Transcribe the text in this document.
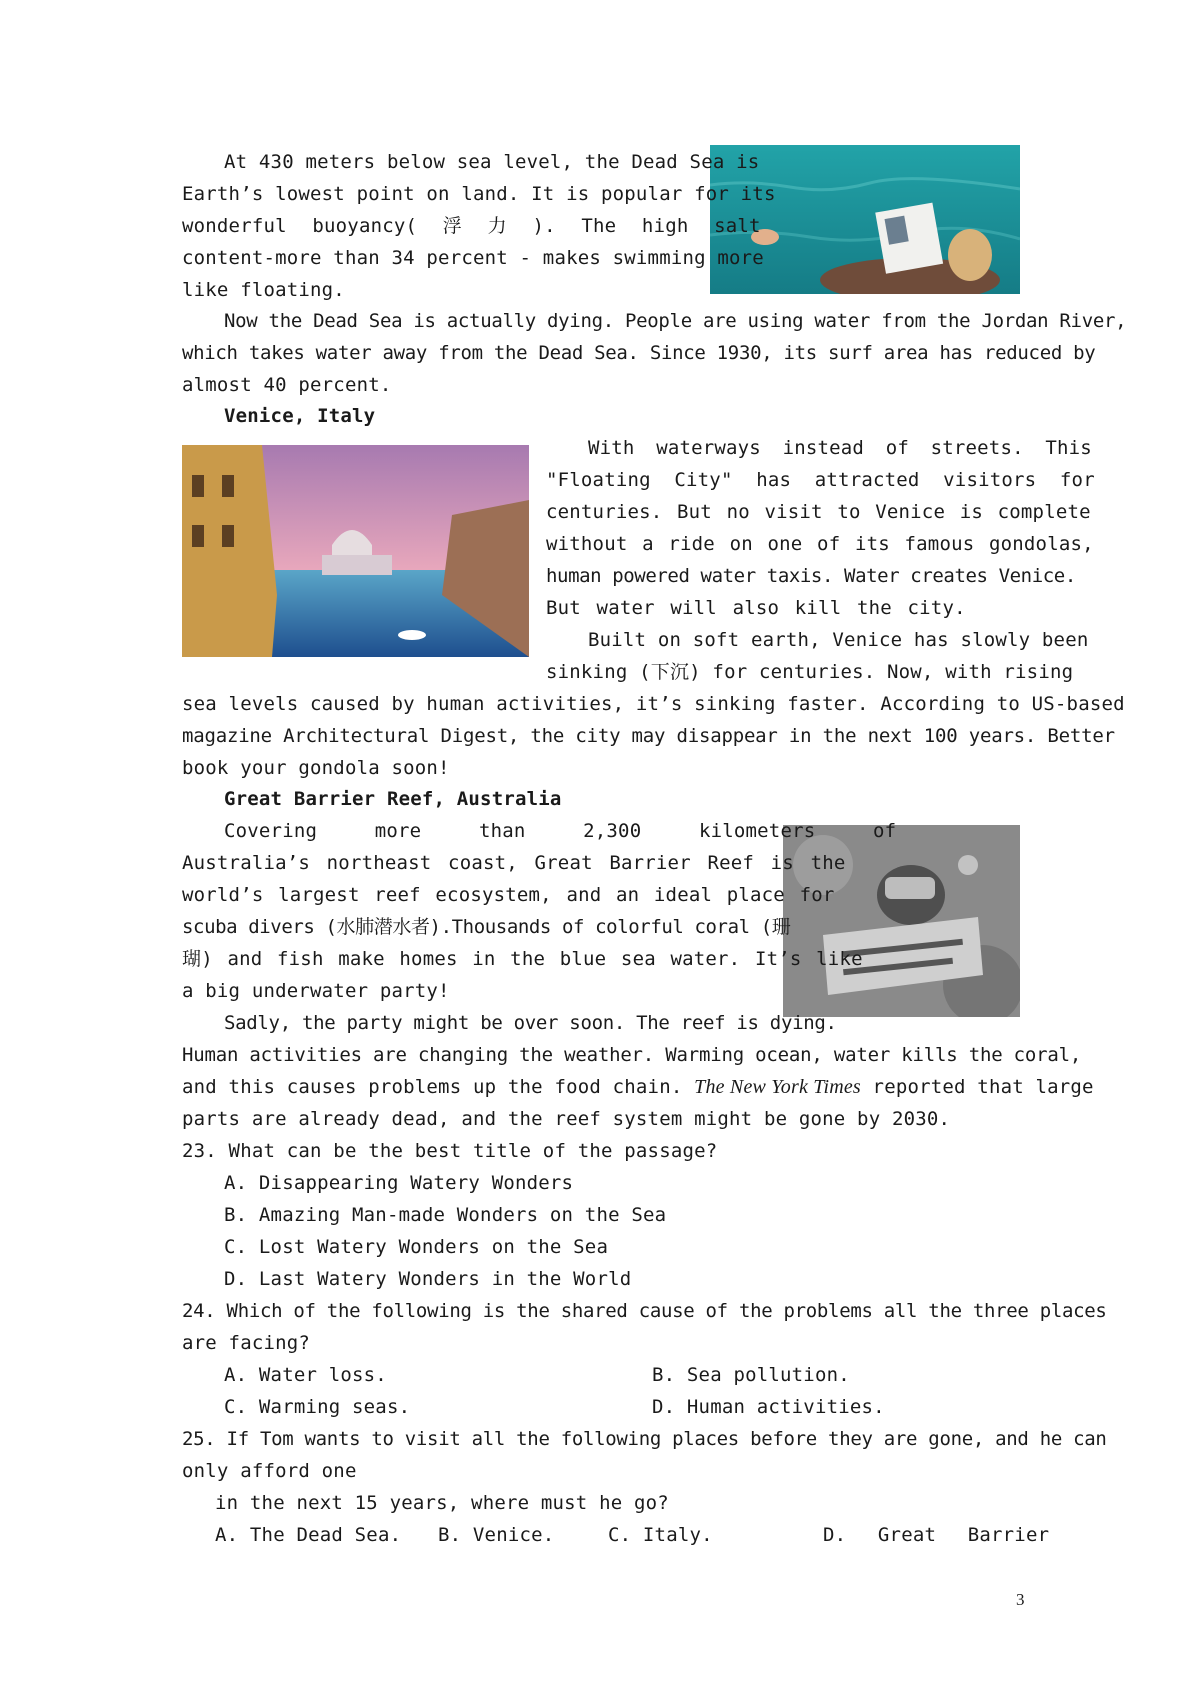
At 430 meters below sea level, the Dead Sea is
Earth’s lowest point on land. It is popular for its
wonderful buoyancy( 浮 力 ). The high salt
content-more than 34 percent - makes swimming more
like floating.
Now the Dead Sea is actually dying. People are using water from the Jordan River,
which takes water away from the Dead Sea. Since 1930, its surf area has reduced by
almost 40 percent.
Venice, Italy
With waterways instead of streets. This
"Floating City" has attracted visitors for
centuries. But no visit to Venice is complete
without a ride on one of its famous gondolas,
human powered water taxis. Water creates Venice.
But water will also kill the city.
Built on soft earth, Venice has slowly been
sinking (下沉) for centuries. Now, with rising
sea levels caused by human activities, it’s sinking faster. According to US-based
magazine Architectural Digest, the city may disappear in the next 100 years. Better
book your gondola soon!
Great Barrier Reef, Australia
Covering more than 2,300 kilometers of
Australia’s northeast coast, Great Barrier Reef is the
world’s largest reef ecosystem, and an ideal place for
scuba divers (水肺潜水者).Thousands of colorful coral (珊
瑚) and fish make homes in the blue sea water. It’s like
a big underwater party!
Sadly, the party might be over soon. The reef is dying.
Human activities are changing the weather. Warming ocean, water kills the coral,
and this causes problems up the food chain. The New York Times reported that large
parts are already dead, and the reef system might be gone by 2030.
23. What can be the best title of the passage?
A. Disappearing Watery Wonders
B. Amazing Man-made Wonders on the Sea
C. Lost Watery Wonders on the Sea
D. Last Watery Wonders in the World
24. Which of the following is the shared cause of the problems all the three places
are facing?
A. Water loss.	B. Sea pollution.
C. Warming seas.	D. Human activities.
25. If Tom wants to visit all the following places before they are gone, and he can
only afford one
in the next 15 years, where must he go?
A. The Dead Sea. B. Venice.	C. Italy.	D. Great Barrier
3
